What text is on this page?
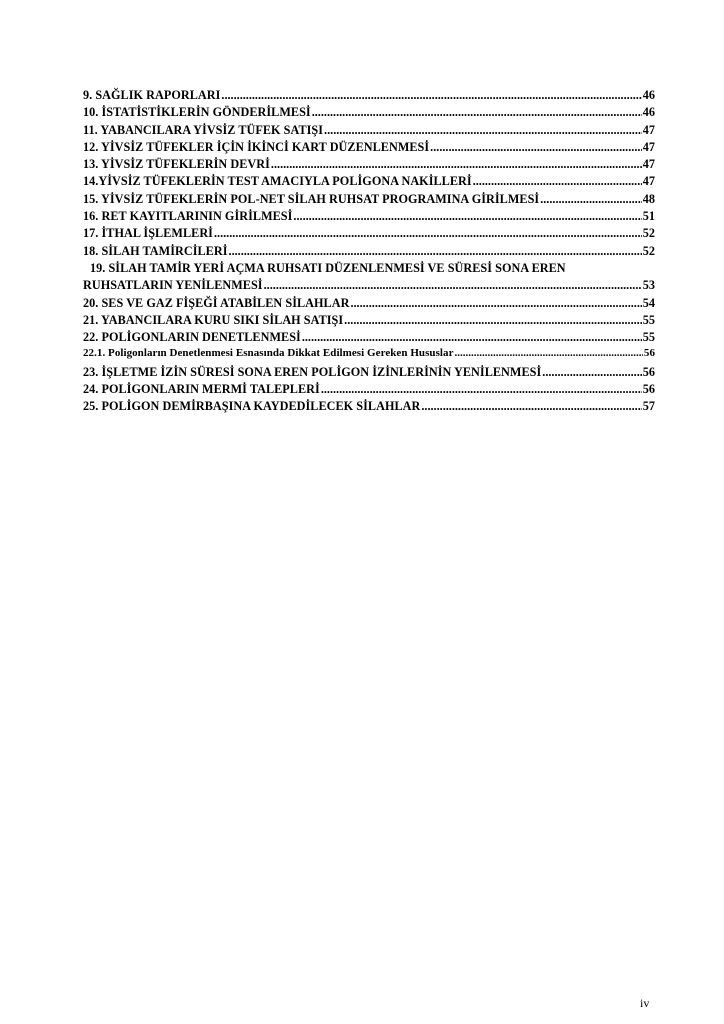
9. SAĞLIK RAPORLARI .....	46
10. İSTATİSTİKLERİN GÖNDERİLMESİ .....	46
11. YABANCILARA YİVSİZ TÜFEK SATIŞI .....	47
12. YİVSİZ TÜFEKLER İÇİN İKİNCİ KART DÜZENLENMESİ .....	47
13. YİVSİZ TÜFEKLERİN DEVRİ .....	47
14.YİVSİZ TÜFEKLERİN TEST AMACIYLA POLİGONA NAKİLLERİ .....	47
15. YİVSİZ TÜFEKLERİN POL-NET SİLAH RUHSAT PROGRAMINA GİRİLMESİ .....	48
16. RET KAYITLARININ GİRİLMESİ .....	51
17. İTHAL İŞLEMLERİ .....	52
18. SİLAH TAMİRCİLERİ .....	52
19. SİLAH TAMİR YERİ AÇMA RUHSATI DÜZENLENMESİ VE SÜRESİ SONA EREN
RUHSATLARIN YENİLENMESİ .....	53
20. SES VE GAZ FİŞEĞİ ATABİLEN SİLAHLAR .....	54
21. YABANCILARA KURU SIKI SİLAH SATIŞI .....	55
22. POLİGONLARIN DENETLENMESİ .....	55
22.1. Poligonların Denetlenmesi Esnasında Dikkat Edilmesi Gereken Hususlar .....	56
23. İŞLETME İZİN SÜRESİ SONA EREN POLİGON İZİNLERİNİN YENİLENMESİ .....	56
24. POLİGONLARIN MERMİ TALEPLERİ .....	56
25. POLİGON DEMİRBAŞINA KAYDEDİLECEK SİLAHLAR .....	57
iv
